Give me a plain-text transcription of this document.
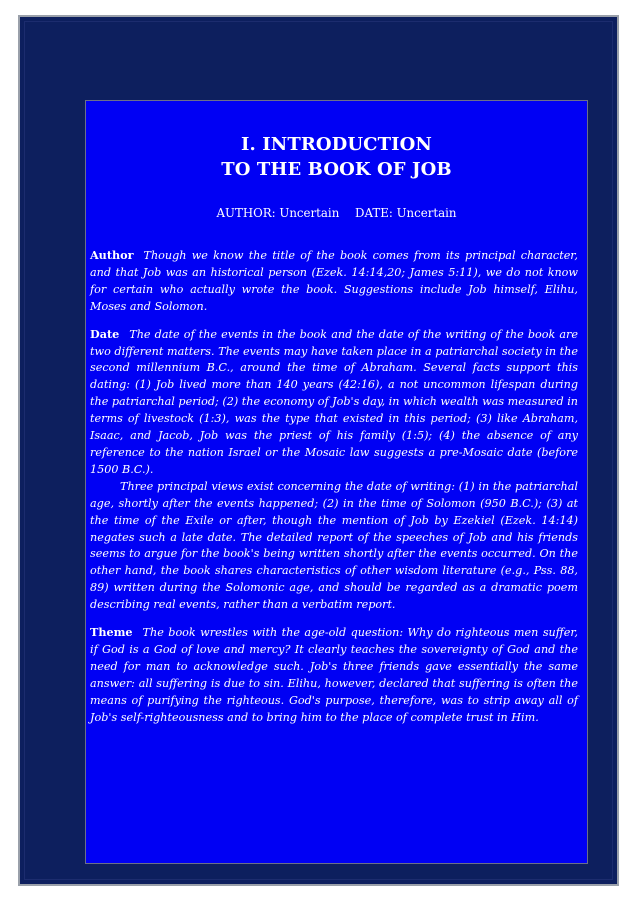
I. INTRODUCTION
TO THE BOOK OF JOB
AUTHOR: Uncertain DATE: Uncertain

Author Though we know the title of the book comes from its principal character, and that Job was an historical person (Ezek. 14:14,20; James 5:11), we do not know for certain who actually wrote the book. Suggestions include Job himself, Elihu, Moses and Solomon.

Date The date of the events in the book and the date of the writing of the book are two different matters. The events may have taken place in a patriarchal society in the second millennium B.C., around the time of Abraham. Several facts support this dating: (1) Job lived more than 140 years (42:16), a not uncommon lifespan during the patriarchal period; (2) the economy of Job's day, in which wealth was measured in terms of livestock (1:3), was the type that existed in this period; (3) like Abraham, Isaac, and Jacob, Job was the priest of his family (1:5); (4) the absence of any reference to the nation Israel or the Mosaic law suggests a pre-Mosaic date (before 1500 B.C.).

Three principal views exist concerning the date of writing: (1) in the patriarchal age, shortly after the events happened; (2) in the time of Solomon (950 B.C.); (3) at the time of the Exile or after, though the mention of Job by Ezekiel (Ezek. 14:14) negates such a late date. The detailed report of the speeches of Job and his friends seems to argue for the book's being written shortly after the events occurred. On the other hand, the book shares characteristics of other wisdom literature (e.g., Pss. 88, 89) written during the Solomonic age, and should be regarded as a dramatic poem describing real events, rather than a verbatim report.

Theme The book wrestles with the age-old question: Why do righteous men suffer, if God is a God of love and mercy? It clearly teaches the sovereignty of God and the need for man to acknowledge such. Job's three friends gave essentially the same answer: all suffering is due to sin. Elihu, however, declared that suffering is often the means of purifying the righteous. God's purpose, therefore, was to strip away all of Job's self-righteousness and to bring him to the place of complete trust in Him.
